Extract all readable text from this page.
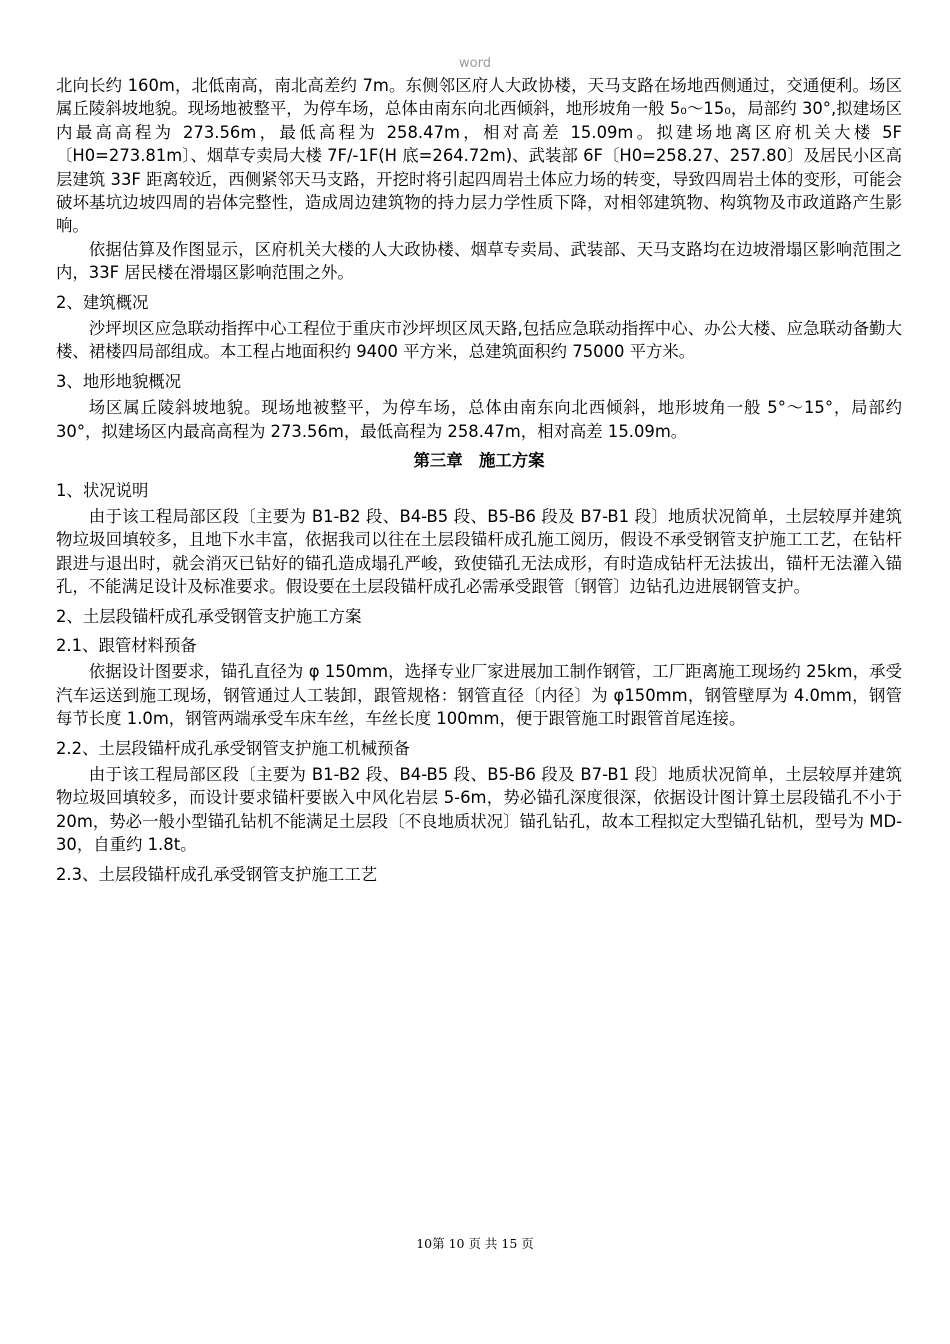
word

北向长约 160m，北低南高，南北高差约 7m。东侧邻区府人大政协楼，天马支路在场地西侧通过，交通便利。场区属丘陵斜坡地貌。现场地被整平，为停车场，总体由南东向北西倾斜，地形坡角一般 5₀～15₀，局部约 30°,拟建场区内最高高程为 273.56m，最低高程为 258.47m，相对高差 15.09m。拟建场地离区府机关大楼 5F〔H0=273.81m〕、烟草专卖局大楼 7F/-1F(H 底=264.72m)、武装部 6F〔H0=258.27、257.80〕及居民小区高层建筑 33F 距离较近，西侧紧邻天马支路，开挖时将引起四周岩土体应力场的转变，导致四周岩土体的变形，可能会破坏基坑边坡四周的岩体完整性，造成周边建筑物的持力层力学性质下降，对相邻建筑物、构筑物及市政道路产生影响。

依据估算及作图显示，区府机关大楼的人大政协楼、烟草专卖局、武装部、天马支路均在边坡滑塌区影响范围之内，33F 居民楼在滑塌区影响范围之外。

2、建筑概况

沙坪坝区应急联动指挥中心工程位于重庆市沙坪坝区凤天路,包括应急联动指挥中心、办公大楼、应急联动备勤大楼、裙楼四局部组成。本工程占地面积约 9400 平方米，总建筑面积约 75000 平方米。

3、地形地貌概况

场区属丘陵斜坡地貌。现场地被整平，为停车场，总体由南东向北西倾斜，地形坡角一般 5°～15°，局部约 30°，拟建场区内最高高程为 273.56m，最低高程为 258.47m，相对高差 15.09m。

第三章　施工方案

1、状况说明

由于该工程局部区段〔主要为 B1-B2 段、B4-B5 段、B5-B6 段及 B7-B1 段〕地质状况简单，土层较厚并建筑物垃圾回填较多，且地下水丰富，依据我司以往在土层段锚杆成孔施工阅历，假设不承受钢管支护施工工艺，在钻杆跟进与退出时，就会消灭已钻好的锚孔造成塌孔严峻，致使锚孔无法成形，有时造成钻杆无法拔出，锚杆无法灌入锚孔，不能满足设计及标准要求。假设要在土层段锚杆成孔必需承受跟管〔钢管〕边钻孔边进展钢管支护。

2、土层段锚杆成孔承受钢管支护施工方案

2.1、跟管材料预备

依据设计图要求，锚孔直径为 φ 150mm，选择专业厂家进展加工制作钢管，工厂距离施工现场约 25km，承受汽车运送到施工现场，钢管通过人工装卸，跟管规格：钢管直径〔内径〕为 φ150mm，钢管壁厚为 4.0mm，钢管每节长度 1.0m，钢管两端承受车床车丝，车丝长度 100mm，便于跟管施工时跟管首尾连接。

2.2、土层段锚杆成孔承受钢管支护施工机械预备

由于该工程局部区段〔主要为 B1-B2 段、B4-B5 段、B5-B6 段及 B7-B1 段〕地质状况简单，土层较厚并建筑物垃圾回填较多，而设计要求锚杆要嵌入中风化岩层 5-6m，势必锚孔深度很深，依据设计图计算土层段锚孔不小于 20m，势必一般小型锚孔钻机不能满足土层段〔不良地质状况〕锚孔钻孔，故本工程拟定大型锚孔钻机，型号为 MD-30，自重约 1.8t。

2.3、土层段锚杆成孔承受钢管支护施工工艺

10第 10 页 共 15 页
